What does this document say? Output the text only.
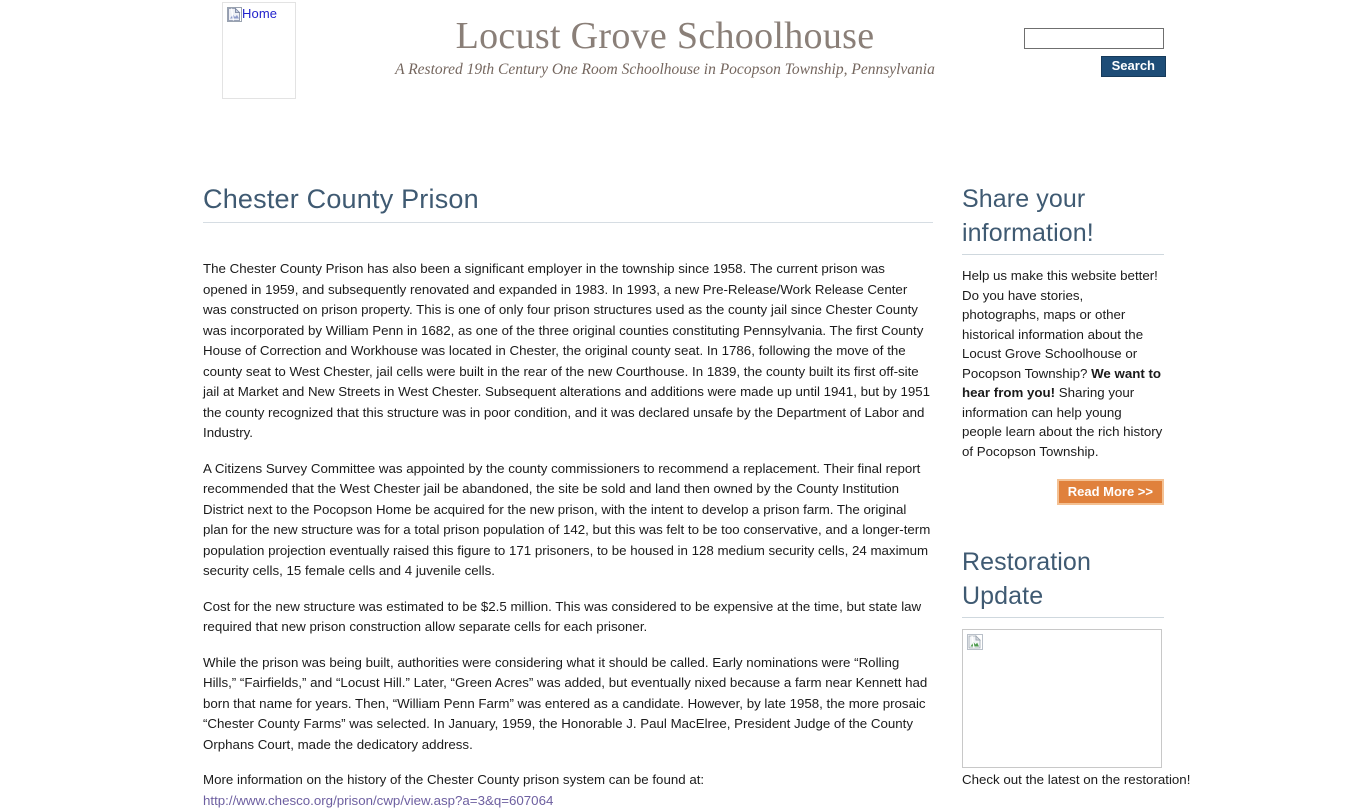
Home
Locust Grove Schoolhouse

A Restored 19th Century One Room Schoolhouse in Pocopson Township, Pennsylvania	Search
Chester County Prison

The Chester County Prison has also been a significant employer in the township since 1958. The current prison was opened in 1959, and subsequently renovated and expanded in 1983. In 1993, a new Pre-Release/Work Release Center was constructed on prison property. This is one of only four prison structures used as the county jail since Chester County was incorporated by William Penn in 1682, as one of the three original counties constituting Pennsylvania. The first County House of Correction and Workhouse was located in Chester, the original county seat. In 1786, following the move of the county seat to West Chester, jail cells were built in the rear of the new Courthouse. In 1839, the county built its first off-site jail at Market and New Streets in West Chester. Subsequent alterations and additions were made up until 1941, but by 1951 the county recognized that this structure was in poor condition, and it was declared unsafe by the Department of Labor and Industry.

A Citizens Survey Committee was appointed by the county commissioners to recommend a replacement. Their final report recommended that the West Chester jail be abandoned, the site be sold and land then owned by the County Institution District next to the Pocopson Home be acquired for the new prison, with the intent to develop a prison farm. The original plan for the new structure was for a total prison population of 142, but this was felt to be too conservative, and a longer-term population projection eventually raised this figure to 171 prisoners, to be housed in 128 medium security cells, 24 maximum security cells, 15 female cells and 4 juvenile cells.

Cost for the new structure was estimated to be $2.5 million. This was considered to be expensive at the time, but state law required that new prison construction allow separate cells for each prisoner.

While the prison was being built, authorities were considering what it should be called. Early nominations were “Rolling Hills,” “Fairfields,” and “Locust Hill.” Later, “Green Acres” was added, but eventually nixed because a farm near Kennett had born that name for years. Then, “William Penn Farm” was entered as a candidate. However, by late 1958, the more prosaic “Chester County Farms” was selected. In January, 1959, the Honorable J. Paul MacElree, President Judge of the County Orphans Court, made the dedicatory address.

More information on the history of the Chester County prison system can be found at:

http://www.chesco.org/prison/cwp/view.asp?a=3&q=607064
Share your information!

Help us make this website better! Do you have stories, photographs, maps or other historical information about the Locust Grove Schoolhouse or Pocopson Township? We want to hear from you! Sharing your information can help young people learn about the rich history of Pocopson Township.

Read More >>
Restoration Update

Check out the latest on the restoration!
